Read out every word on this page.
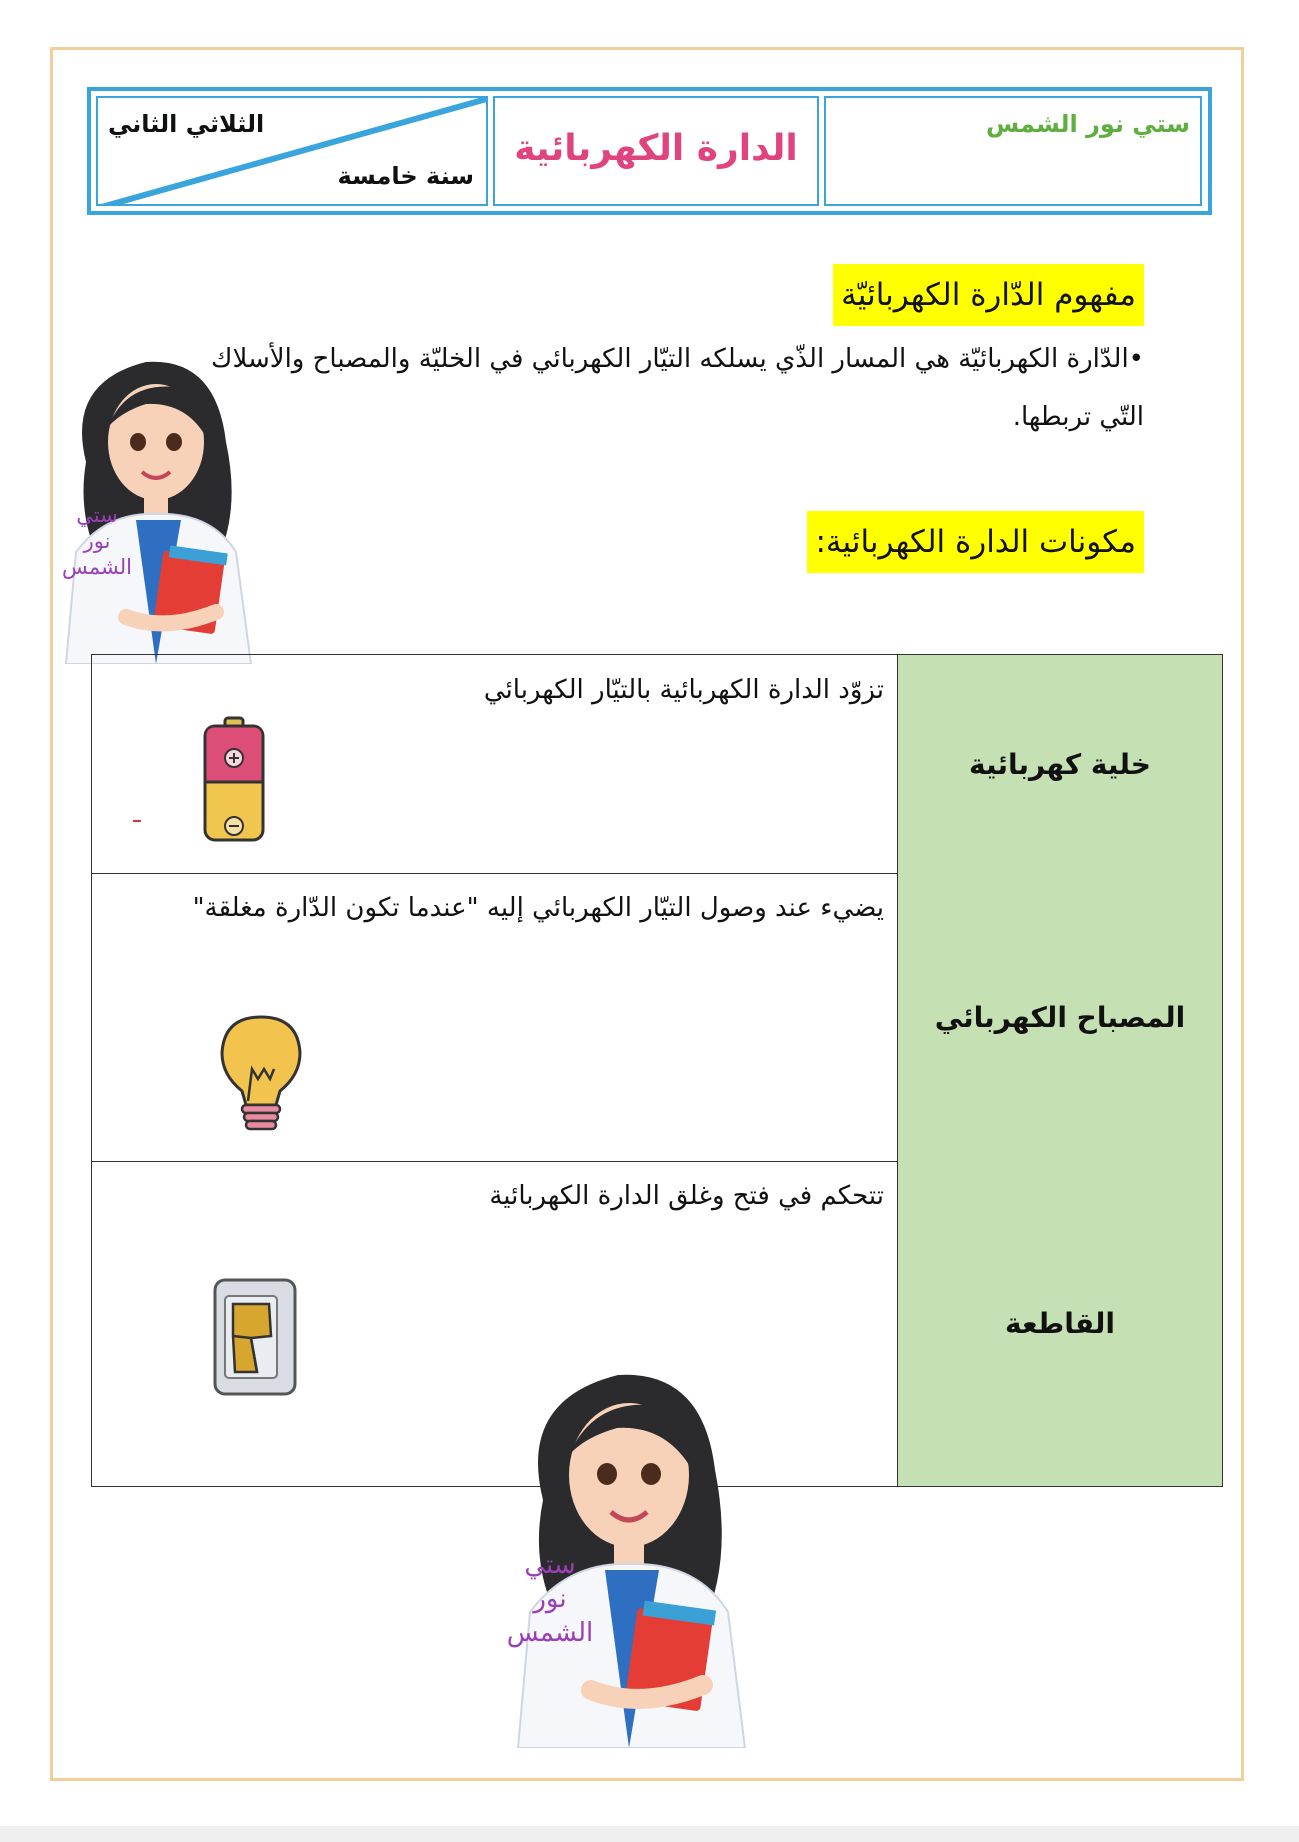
الثلاثي الثاني
سنة خامسة
الدارة الكهربائية
ستي نور الشمس
مفهوم الدّارة الكهربائيّة
•الدّارة الكهربائيّة هي المسار الذّي يسلكه التيّار الكهربائي في الخليّة والمصباح والأسلاك التّي تربطها.
مكونات الدارة الكهربائية:
ستي نور
الشمس
خلية كهربائية
تزوّد الدارة الكهربائية بالتيّار الكهربائي
المصباح الكهربائي
يضيء عند وصول التيّار الكهربائي إليه "عندما تكون الدّارة مغلقة"
القاطعة
تتحكم في فتح وغلق الدارة الكهربائية
ستي نور
الشمس
